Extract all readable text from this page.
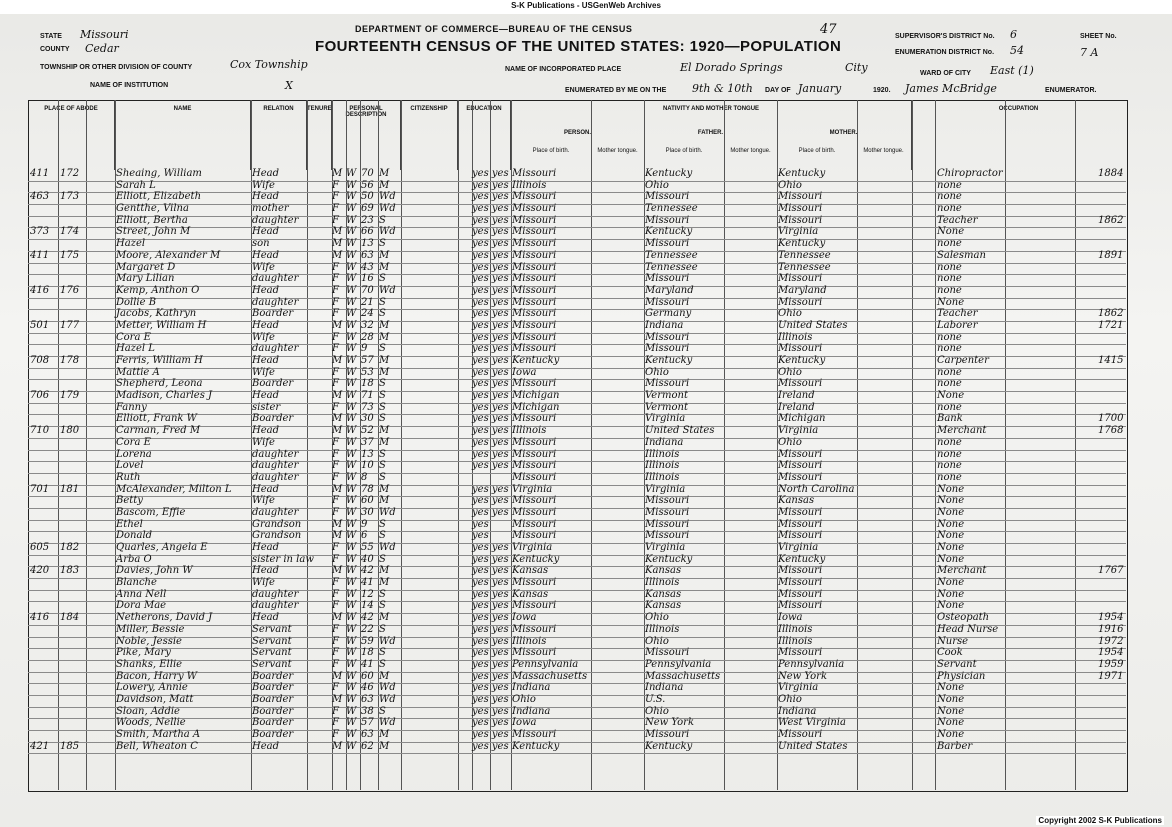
S-K Publications - USGenWeb Archives
STATE Missouri
COUNTY Cedar
TOWNSHIP OR OTHER DIVISION OF COUNTY	Cox Township
NAME OF INSTITUTION	X
DEPARTMENT OF COMMERCE—BUREAU OF THE CENSUS
FOURTEENTH CENSUS OF THE UNITED STATES: 1920—POPULATION
47
NAME OF INCORPORATED PLACE	El Dorado Springs	City
ENUMERATED BY ME ON THE 9th & 10th DAY OF January	1920. James McBridge	ENUMERATOR.
SUPERVISOR'S DISTRICT No. 6
ENUMERATION DISTRICT No. 54
WARD OF CITY East (1)
SHEET No.
7 A
PLACE OF ABODE	NAME	RELATION	TENURE	PERSONAL DESCRIPTION
CITIZENSHIP	EDUCATION	NATIVITY AND MOTHER TONGUE
PERSON.	FATHER.	MOTHER.
Place of birth.	Mother tongue.	Place of birth.	Mother tongue.	Place of birth.	Mother tongue.
OCCUPATION
411	172	Sheaing, William	Head	M W 70 M	yes yes Missouri	Kentucky	Kentucky	Chiropractor	1884
Sarah L	Wife	F W 56 M	yes yes Illinois	Ohio	Ohio	none
463	173	Elliott, Elizabeth	Head	F W 50 Wd	yes yes Missouri	Missouri	Missouri	none
Gentthe, Vilna	mother	F W 69 Wd	yes yes Missouri	Tennessee	Missouri	none
Elliott, Bertha	daughter	F W 23 S	yes yes Missouri	Missouri	Missouri	Teacher	1862
373	174	Street, John M	Head	M W 66 Wd	yes yes Missouri	Kentucky	Virginia	None
Hazel	son	M W 13 S	yes yes Missouri	Missouri	Kentucky	none
411	175	Moore, Alexander M	Head	M W 63 M	yes yes Missouri	Tennessee	Tennessee	Salesman	1891
Margaret D	Wife	F W 43 M	yes yes Missouri	Tennessee	Tennessee	none
Mary Lilian	daughter	F W 16 S	yes yes Missouri	Missouri	Missouri	none
416	176	Kemp, Anthon O	Head	F W 70 Wd	yes yes Missouri	Maryland	Maryland	none
Dollie B	daughter	F W 21 S	yes yes Missouri	Missouri	Missouri	None
Jacobs, Kathryn	Boarder	F W 24 S	yes yes Missouri	Germany	Ohio	Teacher	1862
501	177	Metter, William H	Head	M W 32 M	yes yes Missouri	Indiana	United States	Laborer	1721
Cora E	Wife	F W 28 M	yes yes Missouri	Missouri	Illinois	none
Hazel L	daughter	F W 9	S	yes yes Missouri	Missouri	Missouri	none
708	178	Ferris, William H	Head	M W 57 M	yes yes Kentucky	Kentucky	Kentucky	Carpenter	1415
Mattie A	Wife	F W 53 M	yes yes Iowa	Ohio	Ohio	none
Shepherd, Leona	Boarder	F W 18 S	yes yes Missouri	Missouri	Missouri	none
706	179	Madison, Charles J	Head	M W 71 S	yes yes Michigan	Vermont	Ireland	None
Fanny	sister	F W 73 S	yes yes Michigan	Vermont	Ireland	none
Elliott, Frank W	Boarder	M W 30 S	yes yes Missouri	Virginia	Michigan	Bank	1700
710	180	Carman, Fred M	Head	M W 52 M	yes yes Illinois	United States	Virginia	Merchant	1768
Cora E	Wife	F W 37 M	yes yes Missouri	Indiana	Ohio	none
Lorena	daughter	F W 13 S	yes yes Missouri	Illinois	Missouri	none
Lovel	daughter	F W 10 S	yes yes Missouri	Illinois	Missouri	none
Ruth	daughter	F W 8	S	Missouri	Illinois	Missouri	none
701	181	McAlexander, Milton L	Head	M W 78 M	yes yes Virginia	Virginia	North Carolina	None
Betty	Wife	F W 60 M	yes yes Missouri	Missouri	Kansas	None
Bascom, Effie	daughter	F W 30 Wd	yes yes Missouri	Missouri	Missouri	None
Ethel	Grandson	M W 9	S	yes	Missouri	Missouri	Missouri	None
Donald	Grandson	M W 6	S	yes	Missouri	Missouri	Missouri	None
605	182	Quarles, Angela E	Head	F W 55 Wd	yes yes Virginia	Virginia	Virginia	None
Arba O	sister in law F W 40 S	yes yes Kentucky	Kentucky	Kentucky	None
420	183	Davies, John W	Head	M W 42 M	yes yes Kansas	Kansas	Missouri	Merchant	1767
Blanche	Wife	F W 41 M	yes yes Missouri	Illinois	Missouri	None
Anna Nell	daughter	F W 12 S	yes yes Kansas	Kansas	Missouri	None
Dora Mae	daughter	F W 14 S	yes yes Missouri	Kansas	Missouri	None
416	184	Netherons, David J	Head	M W 42 M	yes yes Iowa	Ohio	Iowa	Osteopath	1954
Miller, Bessie	Servant	F W 22 S	yes yes Missouri	Illinois	Illinois	Head Nurse	1916
Noble, Jessie	Servant	F W 59 Wd	yes yes Illinois	Ohio	Illinois	Nurse	1972
Pike, Mary	Servant	F W 18 S	yes yes Missouri	Missouri	Missouri	Cook	1954
Shanks, Ellie	Servant	F W 41 S	yes yes Pennsylvania	Pennsylvania	Pennsylvania	Servant	1959
Bacon, Harry W	Boarder	M W 60 M	yes yes Massachusetts	Massachusetts	New York	Physician	1971
Lowery, Annie	Boarder	F W 46 Wd	yes yes Indiana	Indiana	Virginia	None
Davidson, Matt	Boarder	M W 63 Wd	yes yes Ohio	U.S.	Ohio	None
Sloan, Addie	Boarder	F W 38 S	yes yes Indiana	Ohio	Indiana	None
Woods, Nellie	Boarder	F W 57 Wd	yes yes Iowa	New York	West Virginia	None
Smith, Martha A	Boarder	F W 63 M	yes yes Missouri	Missouri	Missouri	None
421	185	Bell, Wheaton C	Head	M W 62 M	yes yes Kentucky	Kentucky	United States	Barber
Copyright 2002 S-K Publications
